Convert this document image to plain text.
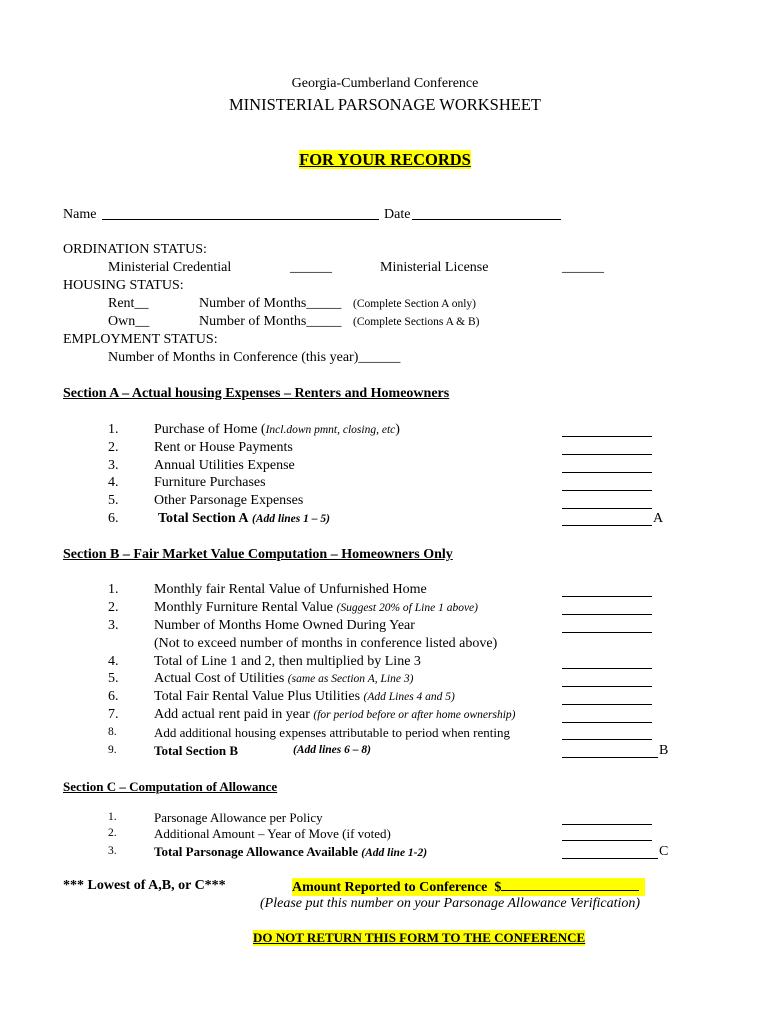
Georgia-Cumberland Conference
MINISTERIAL PARSONAGE WORKSHEET
FOR YOUR RECORDS
Name	Date
ORDINATION STATUS:
Ministerial Credential	______	Ministerial License	______
HOUSING STATUS:
Rent__	Number of Months_____ (Complete Section A only)
Own__	Number of Months_____ (Complete Sections A & B)
EMPLOYMENT STATUS:
Number of Months in Conference (this year)______
Section A – Actual housing Expenses – Renters and Homeowners
1.	Purchase of Home (Incl.down pmnt, closing, etc)
2.	Rent or House Payments
3.	Annual Utilities Expense
4.	Furniture Purchases
5.	Other Parsonage Expenses
6.	Total Section A (Add lines 1 – 5)	A
Section B – Fair Market Value Computation – Homeowners Only
1.	Monthly fair Rental Value of Unfurnished Home
2.	Monthly Furniture Rental Value (Suggest 20% of Line 1 above)
3.	Number of Months Home Owned During Year
(Not to exceed number of months in conference listed above)
4.	Total of Line 1 and 2, then multiplied by Line 3
5.	Actual Cost of Utilities (same as Section A, Line 3)
6.	Total Fair Rental Value Plus Utilities (Add Lines 4 and 5)
7.	Add actual rent paid in year (for period before or after home ownership)
8.	Add additional housing expenses attributable to period when renting
9.	Total Section B	(Add lines 6 – 8)	B
Section C – Computation of Allowance
1.	Parsonage Allowance per Policy
2.	Additional Amount – Year of Move (if voted)
3.	Total Parsonage Allowance Available (Add line 1-2)	C
*** Lowest of A,B, or C***	Amount Reported to Conference $
(Please put this number on your Parsonage Allowance Verification)
DO NOT RETURN THIS FORM TO THE CONFERENCE
